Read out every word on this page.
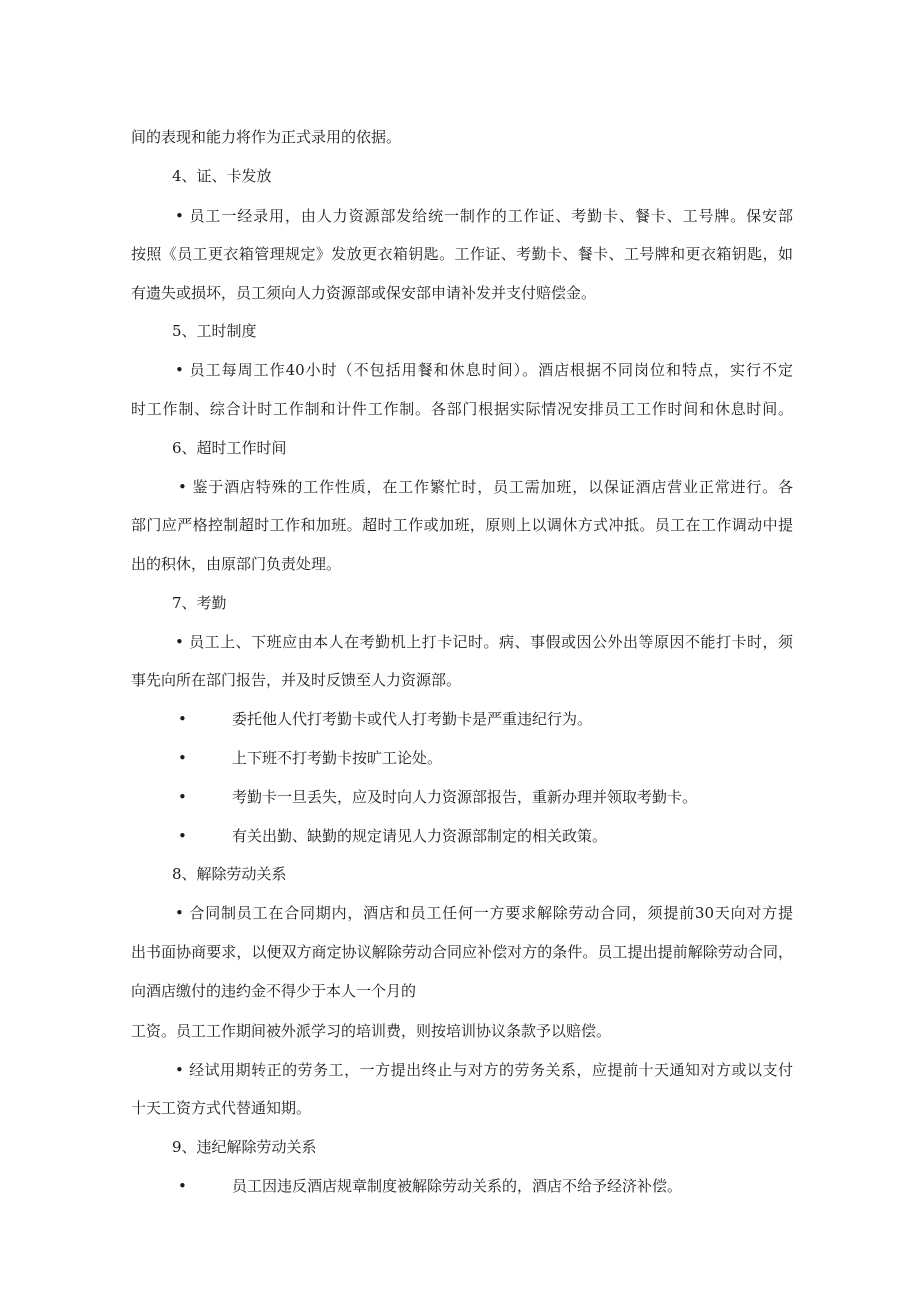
间的表现和能力将作为正式录用的依据。
4、证、卡发放
• 员工一经录用，由人力资源部发给统一制作的工作证、考勤卡、餐卡、工号牌。保安部
按照《员工更衣箱管理规定》发放更衣箱钥匙。工作证、考勤卡、餐卡、工号牌和更衣箱钥匙，如
有遗失或损坏，员工须向人力资源部或保安部申请补发并支付赔偿金。
5、工时制度
• 员工每周工作40小时（不包括用餐和休息时间）。酒店根据不同岗位和特点，实行不定
时工作制、综合计时工作制和计件工作制。各部门根据实际情况安排员工工作时间和休息时间。
6、超时工作时间
• 鉴于酒店特殊的工作性质，在工作繁忙时，员工需加班，以保证酒店营业正常进行。各
部门应严格控制超时工作和加班。超时工作或加班，原则上以调休方式冲抵。员工在工作调动中提
出的积休，由原部门负责处理。
7、考勤
• 员工上、下班应由本人在考勤机上打卡记时。病、事假或因公外出等原因不能打卡时，须
事先向所在部门报告，并及时反馈至人力资源部。
•	委托他人代打考勤卡或代人打考勤卡是严重违纪行为。
•	上下班不打考勤卡按旷工论处。
•	考勤卡一旦丢失，应及时向人力资源部报告，重新办理并领取考勤卡。
•	有关出勤、缺勤的规定请见人力资源部制定的相关政策。
8、解除劳动关系
• 合同制员工在合同期内，酒店和员工任何一方要求解除劳动合同，须提前30天向对方提
出书面协商要求，以便双方商定协议解除劳动合同应补偿对方的条件。员工提出提前解除劳动合同，
向酒店缴付的违约金不得少于本人一个月的
工资。员工工作期间被外派学习的培训费，则按培训协议条款予以赔偿。
• 经试用期转正的劳务工，一方提出终止与对方的劳务关系，应提前十天通知对方或以支付
十天工资方式代替通知期。
9、违纪解除劳动关系
•	员工因违反酒店规章制度被解除劳动关系的，酒店不给予经济补偿。
